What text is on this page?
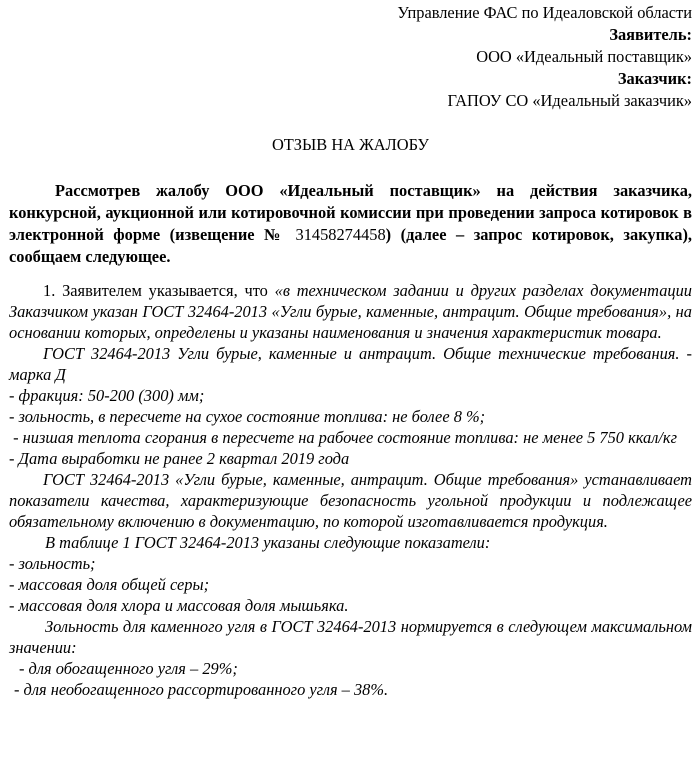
Управление ФАС по Идеаловской области
Заявитель:
ООО «Идеальный поставщик»
Заказчик:
ГАПОУ СО «Идеальный заказчик»
ОТЗЫВ НА ЖАЛОБУ
Рассмотрев жалобу ООО «Идеальный поставщик» на действия заказчика, конкурсной, аукционной или котировочной комиссии при проведении запроса котировок в электронной форме (извещение № 31458274458) (далее – запрос котировок, закупка), сообщаем следующее.

1. Заявителем указывается, что «в техническом задании и других разделах документации Заказчиком указан ГОСТ 32464-2013 «Угли бурые, каменные, антрацит. Общие требования», на основании которых, определены и указаны наименования и значения характеристик товара.

ГОСТ 32464-2013 Угли бурые, каменные и антрацит. Общие технические требования. - марка Д

- фракция: 50-200 (300) мм;

- зольность, в пересчете на сухое состояние топлива: не более 8 %;

- низшая теплота сгорания в пересчете на рабочее состояние топлива: не менее 5 750 ккал/кг

- Дата выработки не ранее 2 квартал 2019 года

ГОСТ 32464-2013 «Угли бурые, каменные, антрацит. Общие требования» устанавливает показатели качества, характеризующие безопасность угольной продукции и подлежащее обязательному включению в документацию, по которой изготавливается продукция.

В таблице 1 ГОСТ 32464-2013 указаны следующие показатели:

- зольность;

- массовая доля общей серы;

- массовая доля хлора и массовая доля мышьяка.

Зольность для каменного угля в ГОСТ 32464-2013 нормируется в следующем максимальном значении:

- для обогащенного угля – 29%;

- для необогащенного рассортированного угля – 38%.
